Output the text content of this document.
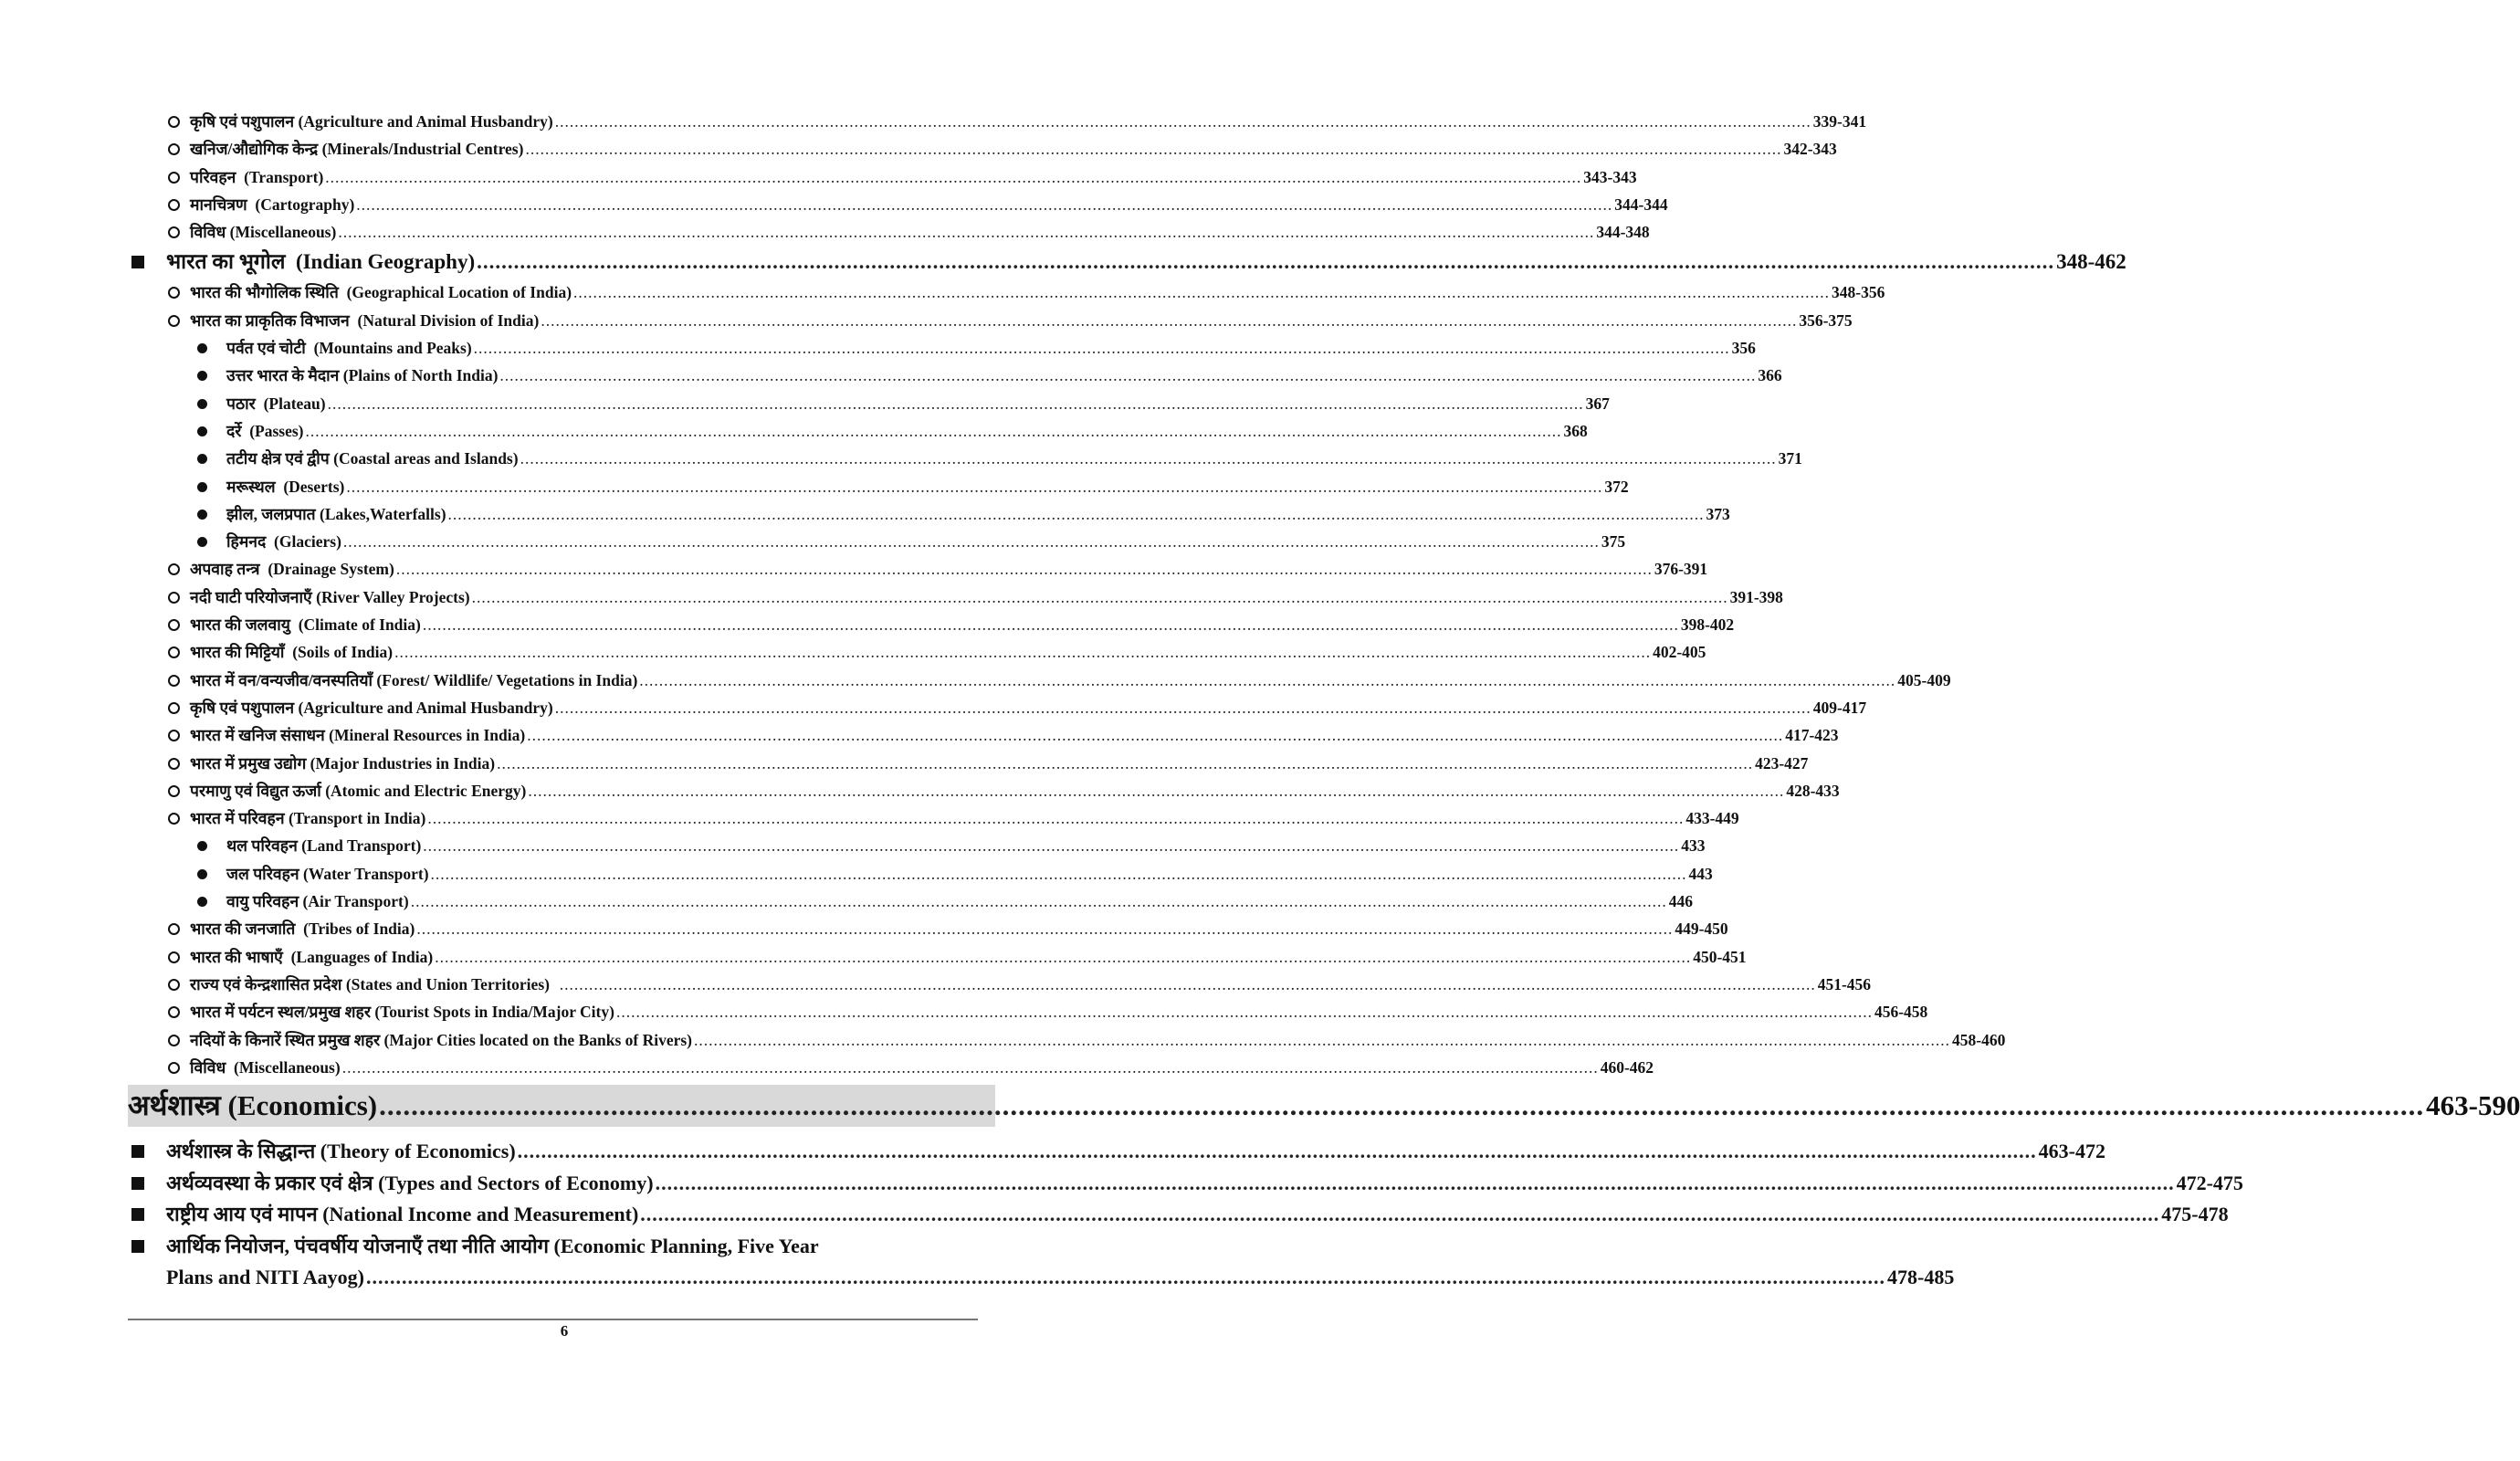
कृषि एवं पशुपालन (Agriculture and Animal Husbandry) .....	339-341
खनिज/औद्योगिक केन्द्र (Minerals/Industrial Centres) .....	342-343
परिवहन (Transport) .....	343-343
मानचित्रण (Cartography) .....	344-344
विविध (Miscellaneous) .....	344-348
भारत का भूगोल (Indian Geography) .....	348-462
भारत की भौगोलिक स्थिति (Geographical Location of India) .....	348-356
भारत का प्राकृतिक विभाजन (Natural Division of India) .....	356-375
पर्वत एवं चोटी (Mountains and Peaks) .....	356
उत्तर भारत के मैदान (Plains of North India) .....	366
पठार (Plateau) .....	367
दर्रे (Passes) .....	368
तटीय क्षेत्र एवं द्वीप (Coastal areas and Islands) .....	371
मरूस्थल (Deserts) .....	372
झील, जलप्रपात (Lakes,Waterfalls) .....	373
हिमनद (Glaciers) .....	375
अपवाह तन्त्र (Drainage System) .....	376-391
नदी घाटी परियोजनाएँ (River Valley Projects) .....	391-398
भारत की जलवायु (Climate of India) .....	398-402
भारत की मिट्टियाँ (Soils of India) .....	402-405
भारत में वन/वन्यजीव/वनस्पतियाँ (Forest/ Wildlife/ Vegetations in India) .....	405-409
कृषि एवं पशुपालन (Agriculture and Animal Husbandry) .....	409-417
भारत में खनिज संसाधन (Mineral Resources in India) .....	417-423
भारत में प्रमुख उद्योग (Major Industries in India) .....	423-427
परमाणु एवं विद्युत ऊर्जा (Atomic and Electric Energy) .....	428-433
भारत में परिवहन (Transport in India) .....	433-449
थल परिवहन (Land Transport) .....	433
जल परिवहन (Water Transport) .....	443
वायु परिवहन (Air Transport) .....	446
भारत की जनजाति (Tribes of India) .....	449-450
भारत की भाषाएँ (Languages of India) .....	450-451
राज्य एवं केन्द्रशासित प्रदेश (States and Union Territories) .....	451-456
भारत में पर्यटन स्थल/प्रमुख शहर (Tourist Spots in India/Major City) .....	456-458
नदियों के किनारें स्थित प्रमुख शहर (Major Cities located on the Banks of Rivers) .....	458-460
विविध (Miscellaneous) .....	460-462
अर्थशास्त्र (Economics) .....	463-590
अर्थशास्त्र के सिद्धान्त (Theory of Economics) .....	463-472
अर्थव्यवस्था के प्रकार एवं क्षेत्र (Types and Sectors of Economy) .....	472-475
राष्ट्रीय आय एवं मापन (National Income and Measurement) .....	475-478
आर्थिक नियोजन, पंचवर्षीय योजनाएँ तथा नीति आयोग (Economic Planning, Five Year
Plans and NITI Aayog) .....	478-485
6
